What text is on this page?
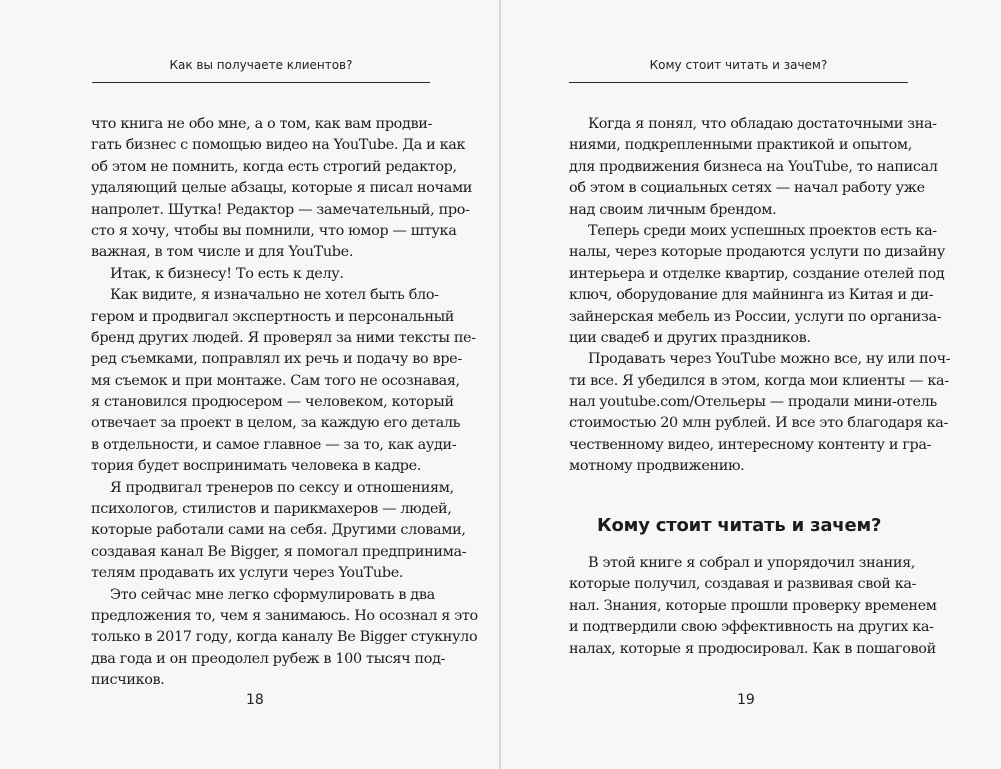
Как вы получаете клиентов?
что книга не обо мне, а о том, как вам продви-
гать бизнес с помощью видео на YouTube. Да и как
об этом не помнить, когда есть строгий редактор,
удаляющий целые абзацы, которые я писал ночами
напролет. Шутка! Редактор — замечательный, про-
сто я хочу, чтобы вы помнили, что юмор — штука
важная, в том числе и для YouTube.
Итак, к бизнесу! То есть к делу.
Как видите, я изначально не хотел быть бло-
гером и продвигал экспертность и персональный
бренд других людей. Я проверял за ними тексты пе-
ред съемками, поправлял их речь и подачу во вре-
мя съемок и при монтаже. Сам того не осознавая,
я становился продюсером — человеком, который
отвечает за проект в целом, за каждую его деталь
в отдельности, и самое главное — за то, как ауди-
тория будет воспринимать человека в кадре.
Я продвигал тренеров по сексу и отношениям,
психологов, стилистов и парикмахеров — людей,
которые работали сами на себя. Другими словами,
создавая канал Be Bigger, я помогал предпринима-
телям продавать их услуги через YouTube.
Это сейчас мне легко сформулировать в два
предложения то, чем я занимаюсь. Но осознал я это
только в 2017 году, когда каналу Be Bigger стукнуло
два года и он преодолел рубеж в 100 тысяч под-
писчиков.
18
Кому стоит читать и зачем?
Когда я понял, что обладаю достаточными зна-
ниями, подкрепленными практикой и опытом,
для продвижения бизнеса на YouTube, то написал
об этом в социальных сетях — начал работу уже
над своим личным брендом.
Теперь среди моих успешных проектов есть ка-
налы, через которые продаются услуги по дизайну
интерьера и отделке квартир, создание отелей под
ключ, оборудование для майнинга из Китая и ди-
зайнерская мебель из России, услуги по организа-
ции свадеб и других праздников.
Продавать через YouTube можно все, ну или поч-
ти все. Я убедился в этом, когда мои клиенты — ка-
нал youtube.com/Отельеры — продали мини-отель
стоимостью 20 млн рублей. И все это благодаря ка-
чественному видео, интересному контенту и гра-
мотному продвижению.
Кому стоит читать и зачем?
В этой книге я собрал и упорядочил знания,
которые получил, создавая и развивая свой ка-
нал. Знания, которые прошли проверку временем
и подтвердили свою эффективность на других ка-
налах, которые я продюсировал. Как в пошаговой
19
